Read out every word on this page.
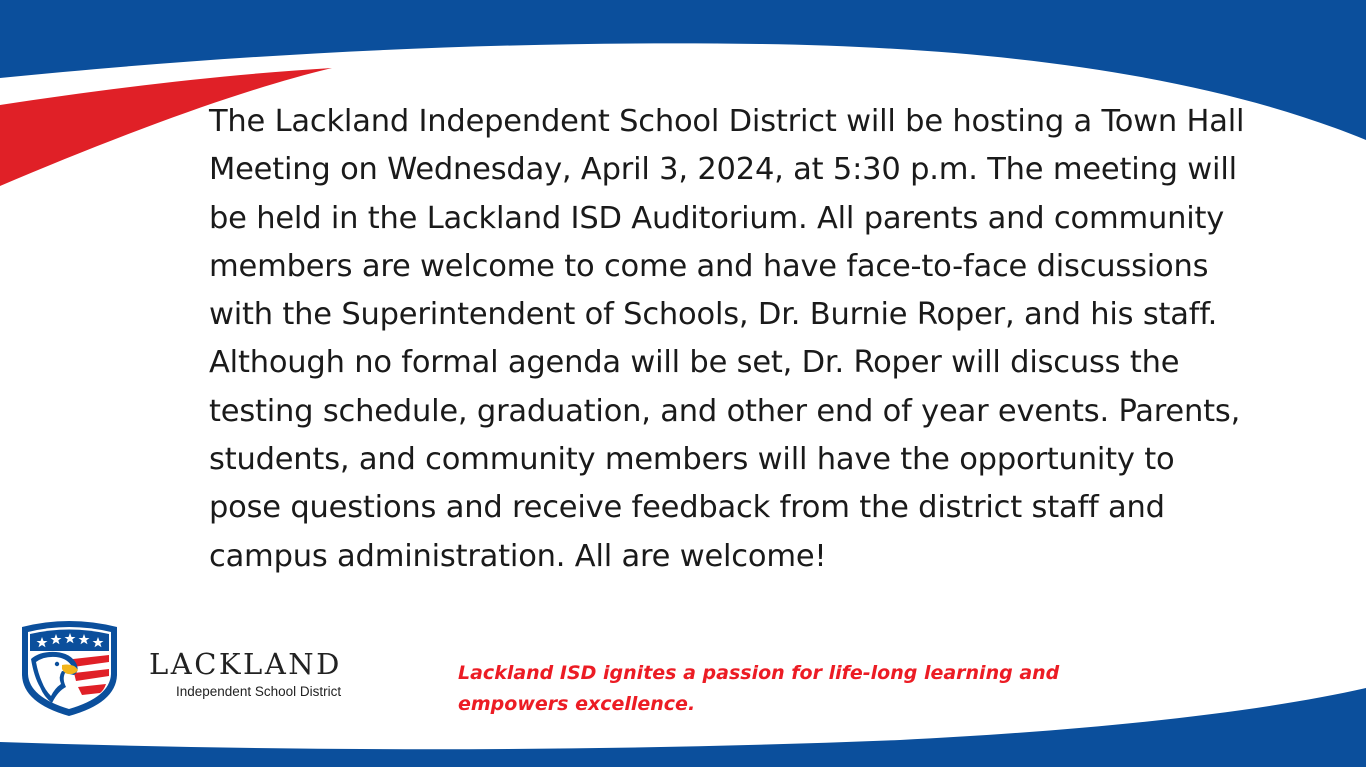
The Lackland Independent School District will be hosting a Town Hall Meeting on Wednesday, April 3, 2024, at 5:30 p.m. The meeting will be held in the Lackland ISD Auditorium. All parents and community members are welcome to come and have face-to-face discussions with the Superintendent of Schools, Dr. Burnie Roper, and his staff. Although no formal agenda will be set, Dr. Roper will discuss the testing schedule, graduation, and other end of year events. Parents, students, and community members will have the opportunity to pose questions and receive feedback from the district staff and campus administration. All are welcome!

LACKLAND
Independent School District

Lackland ISD ignites a passion for life-long learning and empowers excellence.
